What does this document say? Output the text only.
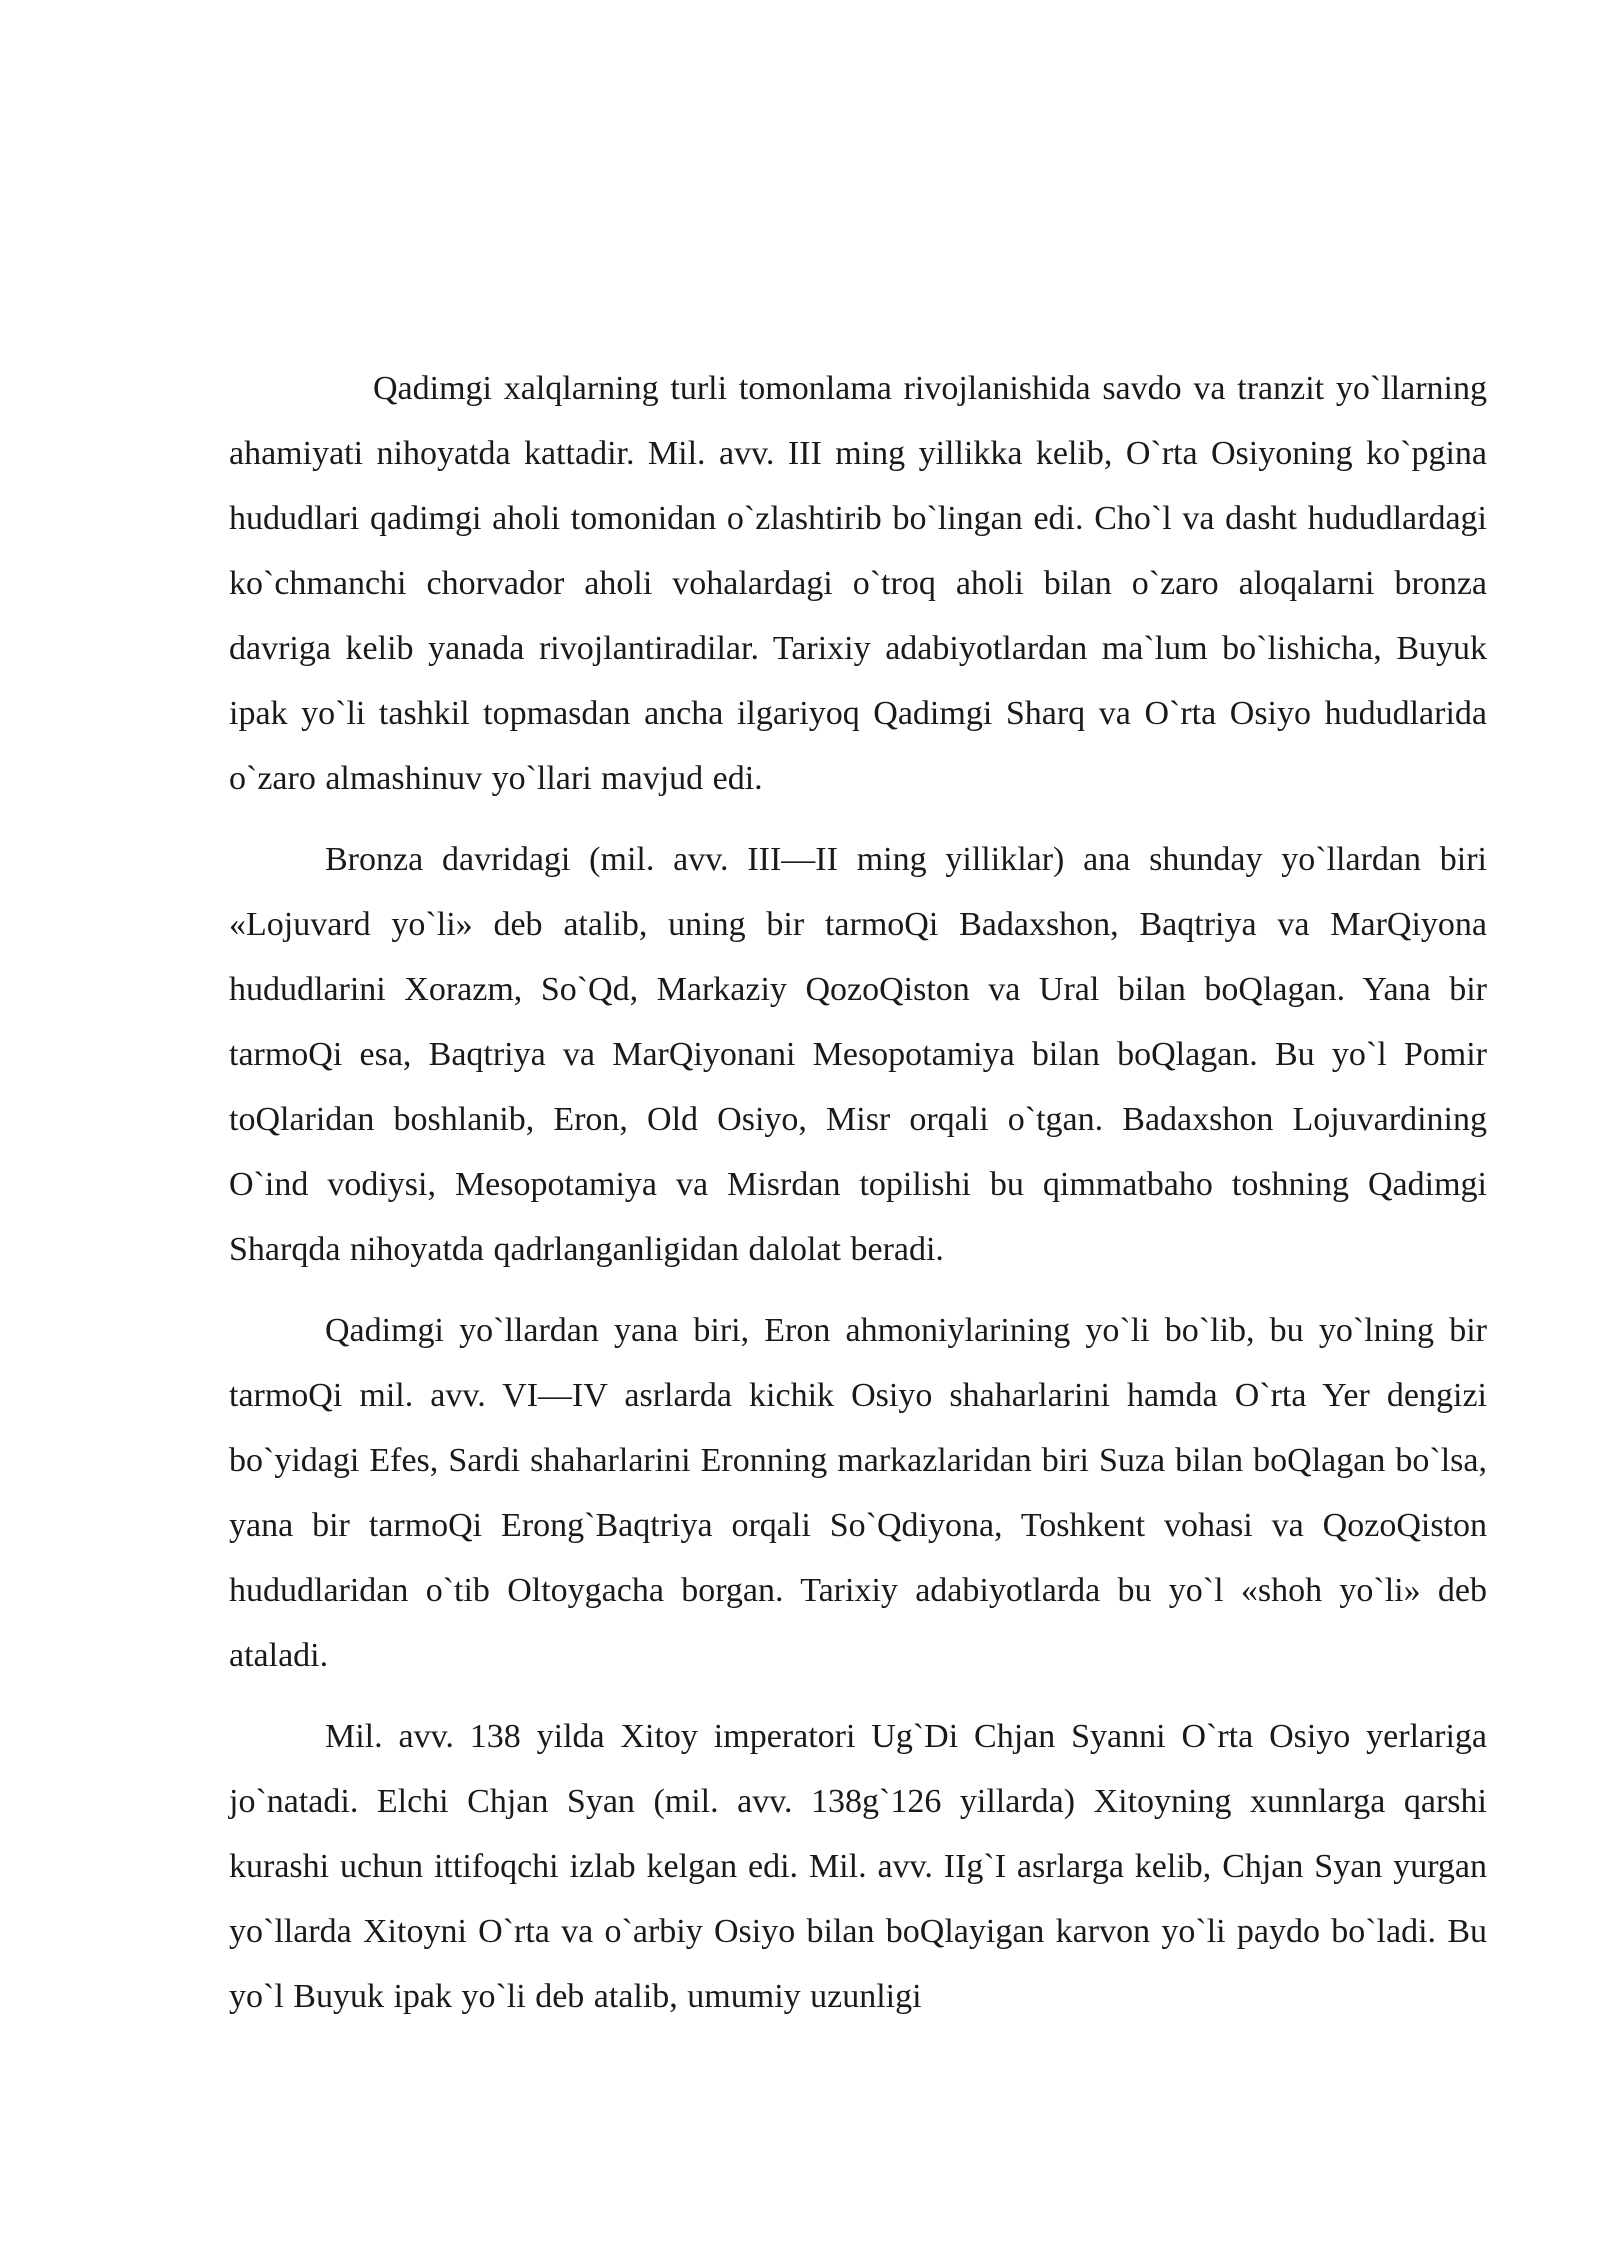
Qadimgi xalqlarning turli tomonlama rivojlanishida savdo va tranzit yo`llarning ahamiyati nihoyatda kattadir. Mil. avv. III ming yillikka kelib, O`rta Osiyoning ko`pgina hududlari qadimgi aholi tomonidan o`zlashtirib bo`lingan edi. Cho`l va dasht hududlardagi ko`chmanchi chorvador aholi vohalardagi o`troq aholi bilan o`zaro aloqalarni bronza davriga kelib yanada rivojlantiradilar. Tarixiy adabiyotlardan ma`lum bo`lishicha, Buyuk ipak yo`li tashkil topmasdan ancha ilgariyoq Qadimgi Sharq va O`rta Osiyo hududlarida o`zaro almashinuv yo`llari mavjud edi.

Bronza davridagi (mil. avv. III—II ming yilliklar) ana shunday yo`llardan biri «Lojuvard yo`li» deb atalib, uning bir tarmoQi Badaxshon, Baqtriya va MarQiyona hududlarini Xorazm, So`Qd, Markaziy QozoQiston va Ural bilan boQlagan. Yana bir tarmoQi esa, Baqtriya va MarQiyonani Mesopotamiya bilan boQlagan. Bu yo`l Pomir toQlaridan boshlanib, Eron, Old Osiyo, Misr orqali o`tgan. Badaxshon Lojuvardining O`ind vodiysi, Mesopotamiya va Misrdan topilishi bu qimmatbaho toshning Qadimgi Sharqda nihoyatda qadrlanganligidan dalolat beradi.

Qadimgi yo`llardan yana biri, Eron ahmoniylarining yo`li bo`lib, bu yo`lning bir tarmoQi mil. avv. VI—IV asrlarda kichik Osiyo shaharlarini hamda O`rta Yer dengizi bo`yidagi Efes, Sardi shaharlarini Eronning markazlaridan biri Suza bilan boQlagan bo`lsa, yana bir tarmoQi Erong`Baqtriya orqali So`Qdiyona, Toshkent vohasi va QozoQiston hududlaridan o`tib Oltoygacha borgan. Tarixiy adabiyotlarda bu yo`l «shoh yo`li» deb ataladi.

Mil. avv. 138 yilda Xitoy imperatori Ug`Di Chjan Syanni O`rta Osiyo yerlariga jo`natadi. Elchi Chjan Syan (mil. avv. 138g`126 yillarda) Xitoyning xunnlarga qarshi kurashi uchun ittifoqchi izlab kelgan edi. Mil. avv. IIg`I asrlarga kelib, Chjan Syan yurgan yo`llarda Xitoyni O`rta va o`arbiy Osiyo bilan boQlayigan karvon yo`li paydo bo`ladi. Bu yo`l Buyuk ipak yo`li deb atalib, umumiy uzunligi
